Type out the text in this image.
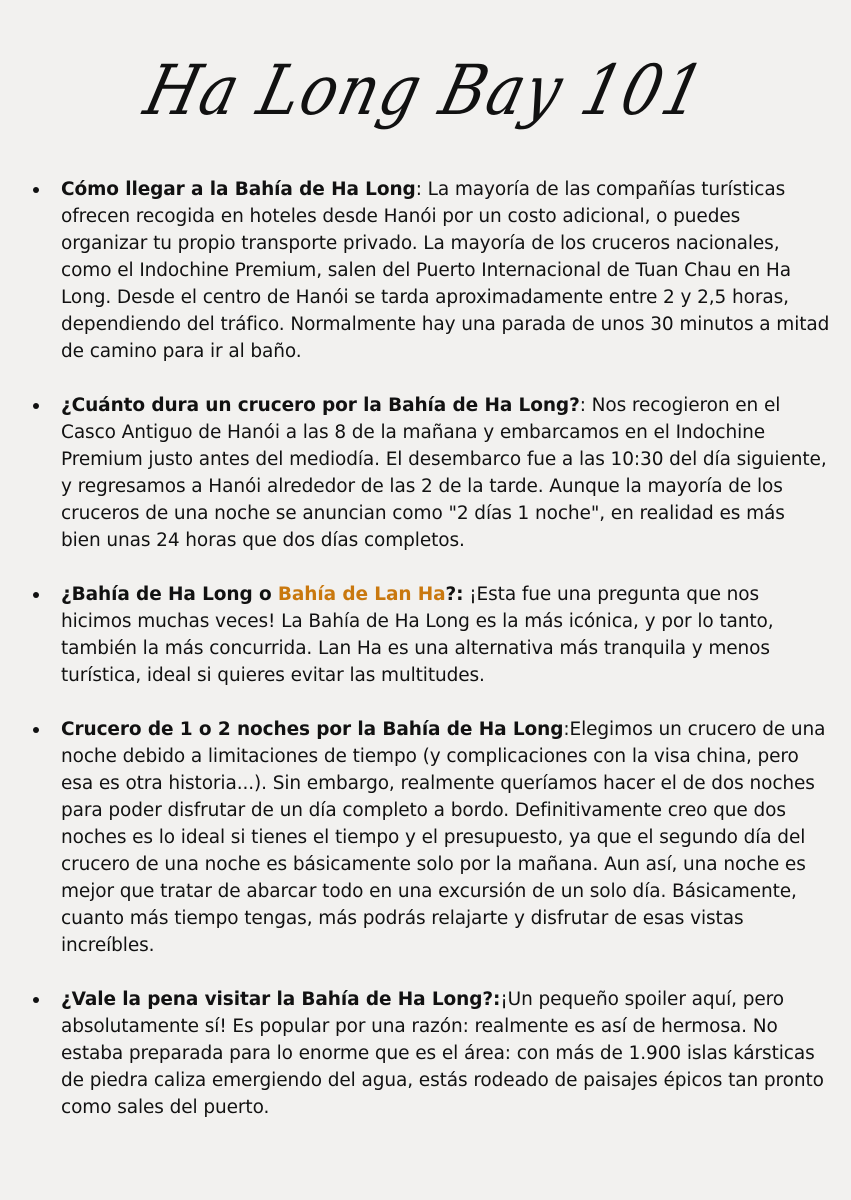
Ha Long Bay 101
Cómo llegar a la Bahía de Ha Long: La mayoría de las compañías turísticas ofrecen recogida en hoteles desde Hanói por un costo adicional, o puedes organizar tu propio transporte privado. La mayoría de los cruceros nacionales, como el Indochine Premium, salen del Puerto Internacional de Tuan Chau en Ha Long. Desde el centro de Hanói se tarda aproximadamente entre 2 y 2,5 horas, dependiendo del tráfico. Normalmente hay una parada de unos 30 minutos a mitad de camino para ir al baño.
¿Cuánto dura un crucero por la Bahía de Ha Long?: Nos recogieron en el Casco Antiguo de Hanói a las 8 de la mañana y embarcamos en el Indochine Premium justo antes del mediodía. El desembarco fue a las 10:30 del día siguiente, y regresamos a Hanói alrededor de las 2 de la tarde. Aunque la mayoría de los cruceros de una noche se anuncian como "2 días 1 noche", en realidad es más bien unas 24 horas que dos días completos.
¿Bahía de Ha Long o Bahía de Lan Ha?: ¡Esta fue una pregunta que nos hicimos muchas veces! La Bahía de Ha Long es la más icónica, y por lo tanto, también la más concurrida. Lan Ha es una alternativa más tranquila y menos turística, ideal si quieres evitar las multitudes.
Crucero de 1 o 2 noches por la Bahía de Ha Long:Elegimos un crucero de una noche debido a limitaciones de tiempo (y complicaciones con la visa china, pero esa es otra historia...). Sin embargo, realmente queríamos hacer el de dos noches para poder disfrutar de un día completo a bordo. Definitivamente creo que dos noches es lo ideal si tienes el tiempo y el presupuesto, ya que el segundo día del crucero de una noche es básicamente solo por la mañana. Aun así, una noche es mejor que tratar de abarcar todo en una excursión de un solo día. Básicamente, cuanto más tiempo tengas, más podrás relajarte y disfrutar de esas vistas increíbles.
¿Vale la pena visitar la Bahía de Ha Long?:¡Un pequeño spoiler aquí, pero absolutamente sí! Es popular por una razón: realmente es así de hermosa. No estaba preparada para lo enorme que es el área: con más de 1.900 islas kársticas de piedra caliza emergiendo del agua, estás rodeado de paisajes épicos tan pronto como sales del puerto.
